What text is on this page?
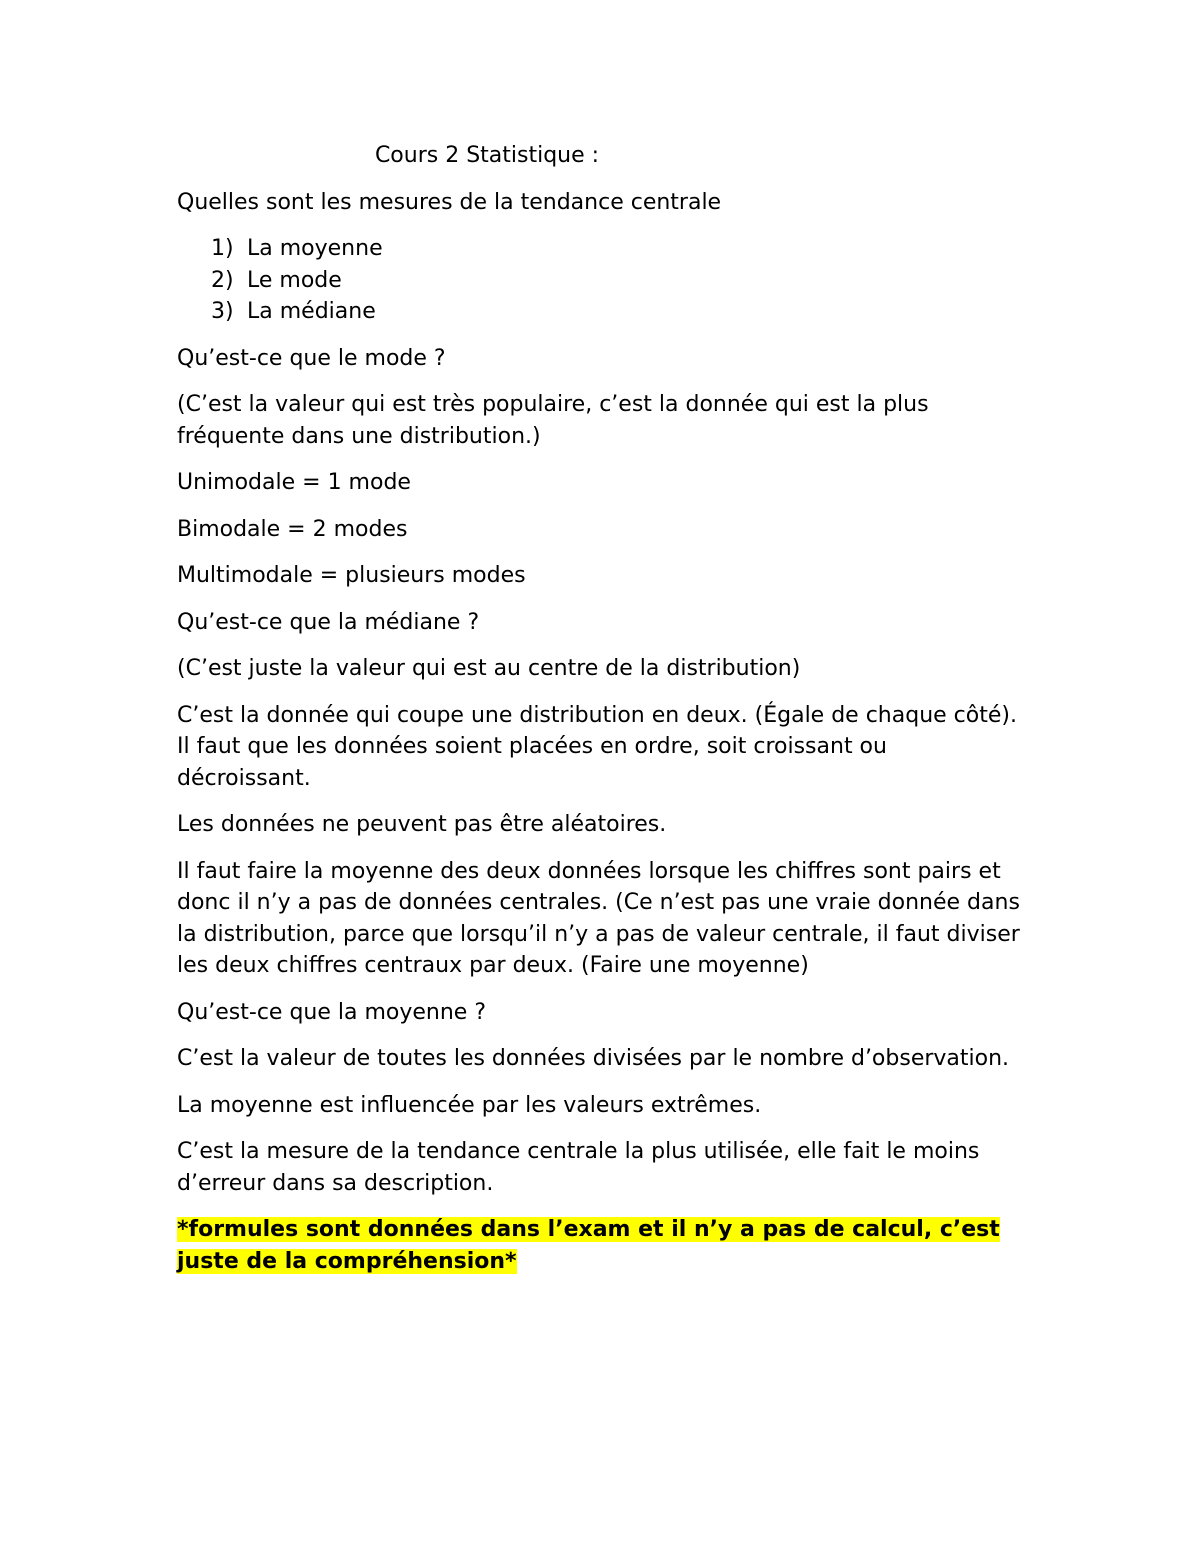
Cours 2 Statistique :

Quelles sont les mesures de la tendance centrale

1) La moyenne
2) Le mode
3) La médiane

Qu’est-ce que le mode ?

(C’est la valeur qui est très populaire, c’est la donnée qui est la plus fréquente dans une distribution.)

Unimodale = 1 mode

Bimodale = 2 modes

Multimodale = plusieurs modes

Qu’est-ce que la médiane ?

(C’est juste la valeur qui est au centre de la distribution)

C’est la donnée qui coupe une distribution en deux. (Égale de chaque côté). Il faut que les données soient placées en ordre, soit croissant ou décroissant.

Les données ne peuvent pas être aléatoires.

Il faut faire la moyenne des deux données lorsque les chiffres sont pairs et donc il n’y a pas de données centrales. (Ce n’est pas une vraie donnée dans la distribution, parce que lorsqu’il n’y a pas de valeur centrale, il faut diviser les deux chiffres centraux par deux. (Faire une moyenne)

Qu’est-ce que la moyenne ?

C’est la valeur de toutes les données divisées par le nombre d’observation.

La moyenne est influencée par les valeurs extrêmes.

C’est la mesure de la tendance centrale la plus utilisée, elle fait le moins d’erreur dans sa description.

*formules sont données dans l’exam et il n’y a pas de calcul, c’est juste de la compréhension*
